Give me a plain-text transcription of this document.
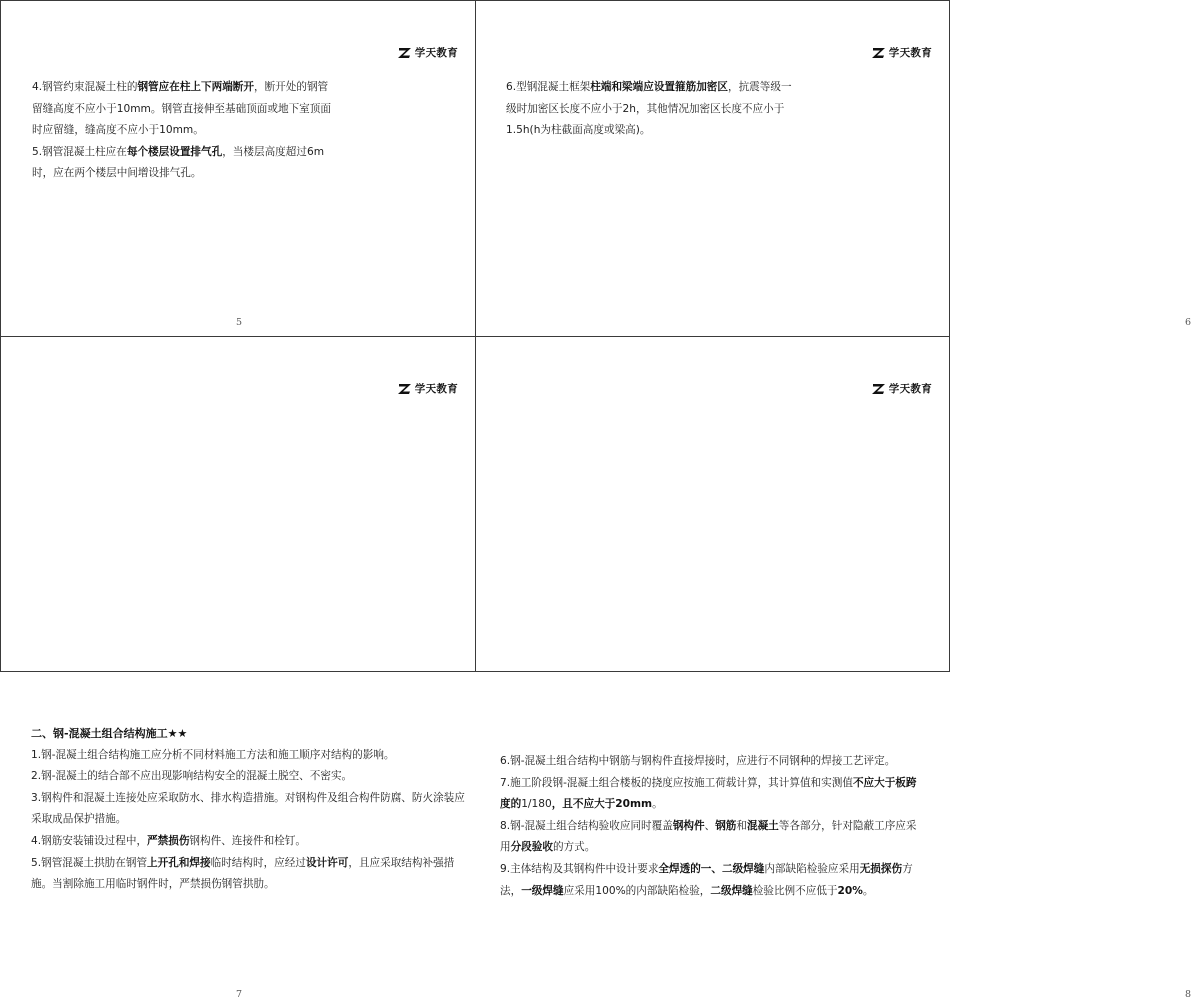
学天教育

4.钢管约束混凝土柱的钢管应在柱上下两端断开，断开处的钢管留缝高度不应小于10mm。钢管直接伸至基础顶面或地下室顶面时应留缝，缝高度不应小于10mm。

5.钢管混凝土柱应在每个楼层设置排气孔，当楼层高度超过6m时，应在两个楼层中间增设排气孔。

5
学天教育

6.型钢混凝土框架柱端和梁端应设置箍筋加密区，抗震等级一级时加密区长度不应小于2h，其他情况加密区长度不应小于1.5h(h为柱截面高度或梁高)。

6
学天教育

二、钢-混凝土组合结构施工★★

1.钢-混凝土组合结构施工应分析不同材料施工方法和施工顺序对结构的影响。

2.钢-混凝土的结合部不应出现影响结构安全的混凝土脱空、不密实。

3.钢构件和混凝土连接处应采取防水、排水构造措施。对钢构件及组合构件防腐、防火涂装应采取成品保护措施。

4.钢筋安装铺设过程中，严禁损伤钢构件、连接件和栓钉。

5.钢管混凝土拱肋在钢管上开孔和焊接临时结构时，应经过设计许可，且应采取结构补强措施。当割除施工用临时钢件时，严禁损伤钢管拱肋。

7
学天教育

6.钢-混凝土组合结构中钢筋与钢构件直接焊接时，应进行不同钢种的焊接工艺评定。

7.施工阶段钢-混凝土组合楼板的挠度应按施工荷载计算，其计算值和实测值不应大于板跨度的1/180，且不应大于20mm。

8.钢-混凝土组合结构验收应同时覆盖钢构件、钢筋和混凝土等各部分，针对隐蔽工序应采用分段验收的方式。

9.主体结构及其钢构件中设计要求全焊透的一、二级焊缝内部缺陷检验应采用无损探伤方法，一级焊缝应采用100%的内部缺陷检验，二级焊缝检验比例不应低于20%。

8
